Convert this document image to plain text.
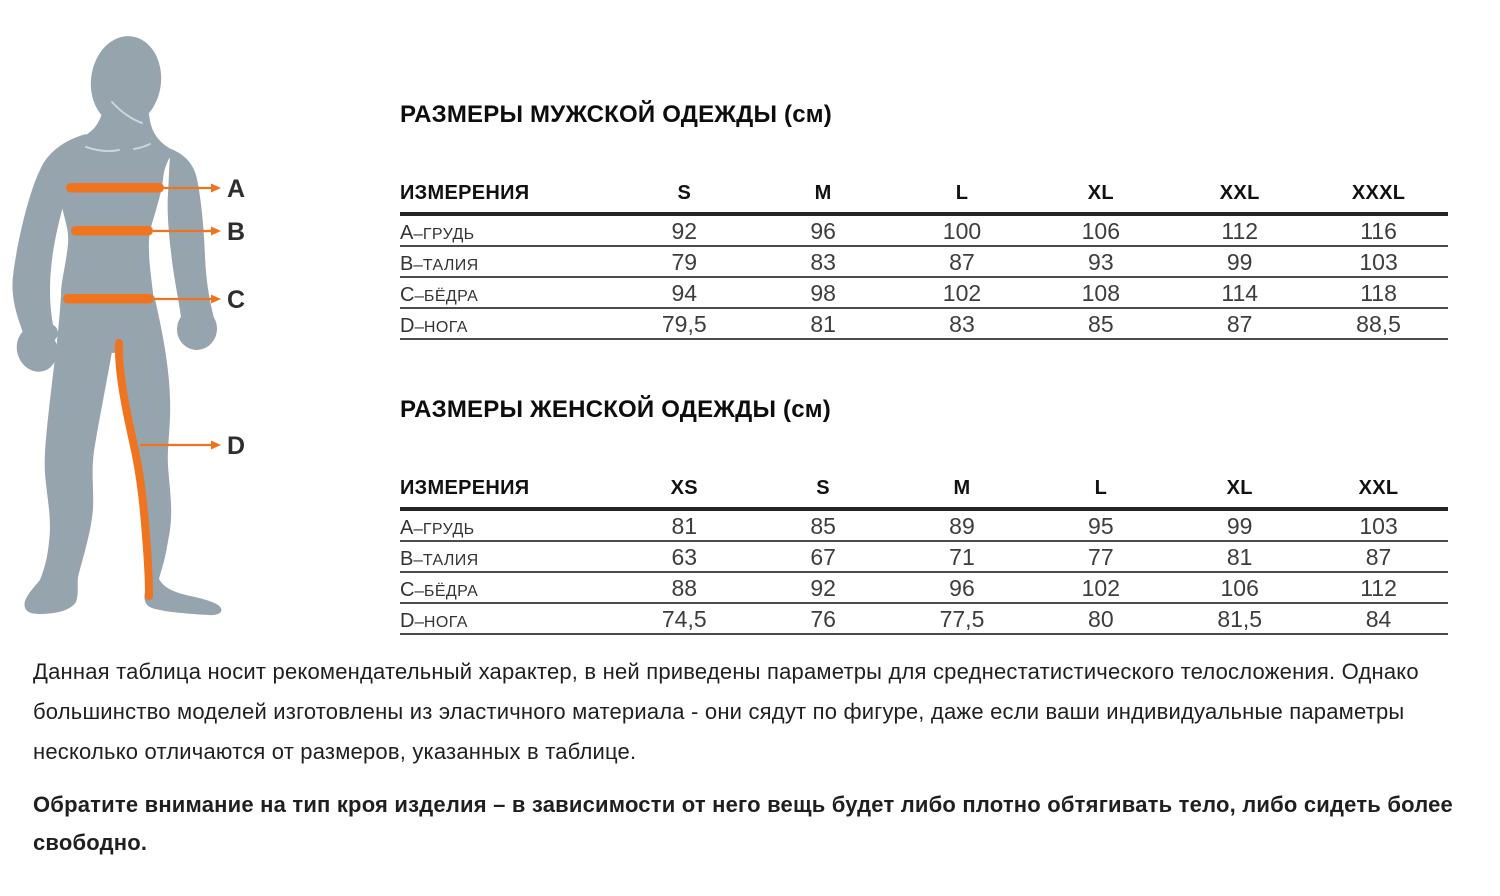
A
B
C
D
РАЗМЕРЫ МУЖСКОЙ ОДЕЖДЫ (см)
ИЗМЕРЕНИЯ	S	M	L	XL	XXL	XXXL
А–ГРУДЬ	92	96	100	106	112	116
В–ТАЛИЯ	79	83	87	93	99	103
С–БЁДРА	94	98	102	108	114	118
D–НОГА	79,5	81	83	85	87	88,5
РАЗМЕРЫ ЖЕНСКОЙ ОДЕЖДЫ (см)
ИЗМЕРЕНИЯ	XS	S	M	L	XL	XXL
А–ГРУДЬ	81	85	89	95	99	103
В–ТАЛИЯ	63	67	71	77	81	87
С–БЁДРА	88	92	96	102	106	112
D–НОГА	74,5	76	77,5	80	81,5	84

Данная таблица носит рекомендательный характер, в ней приведены параметры для среднестатистического телосложения. Однако большинство моделей изготовлены из эластичного материала - они сядут по фигуре, даже если ваши индивидуальные параметры несколько отличаются от размеров, указанных в таблице.

Обратите внимание на тип кроя изделия – в зависимости от него вещь будет либо плотно обтягивать тело, либо сидеть более свободно.
